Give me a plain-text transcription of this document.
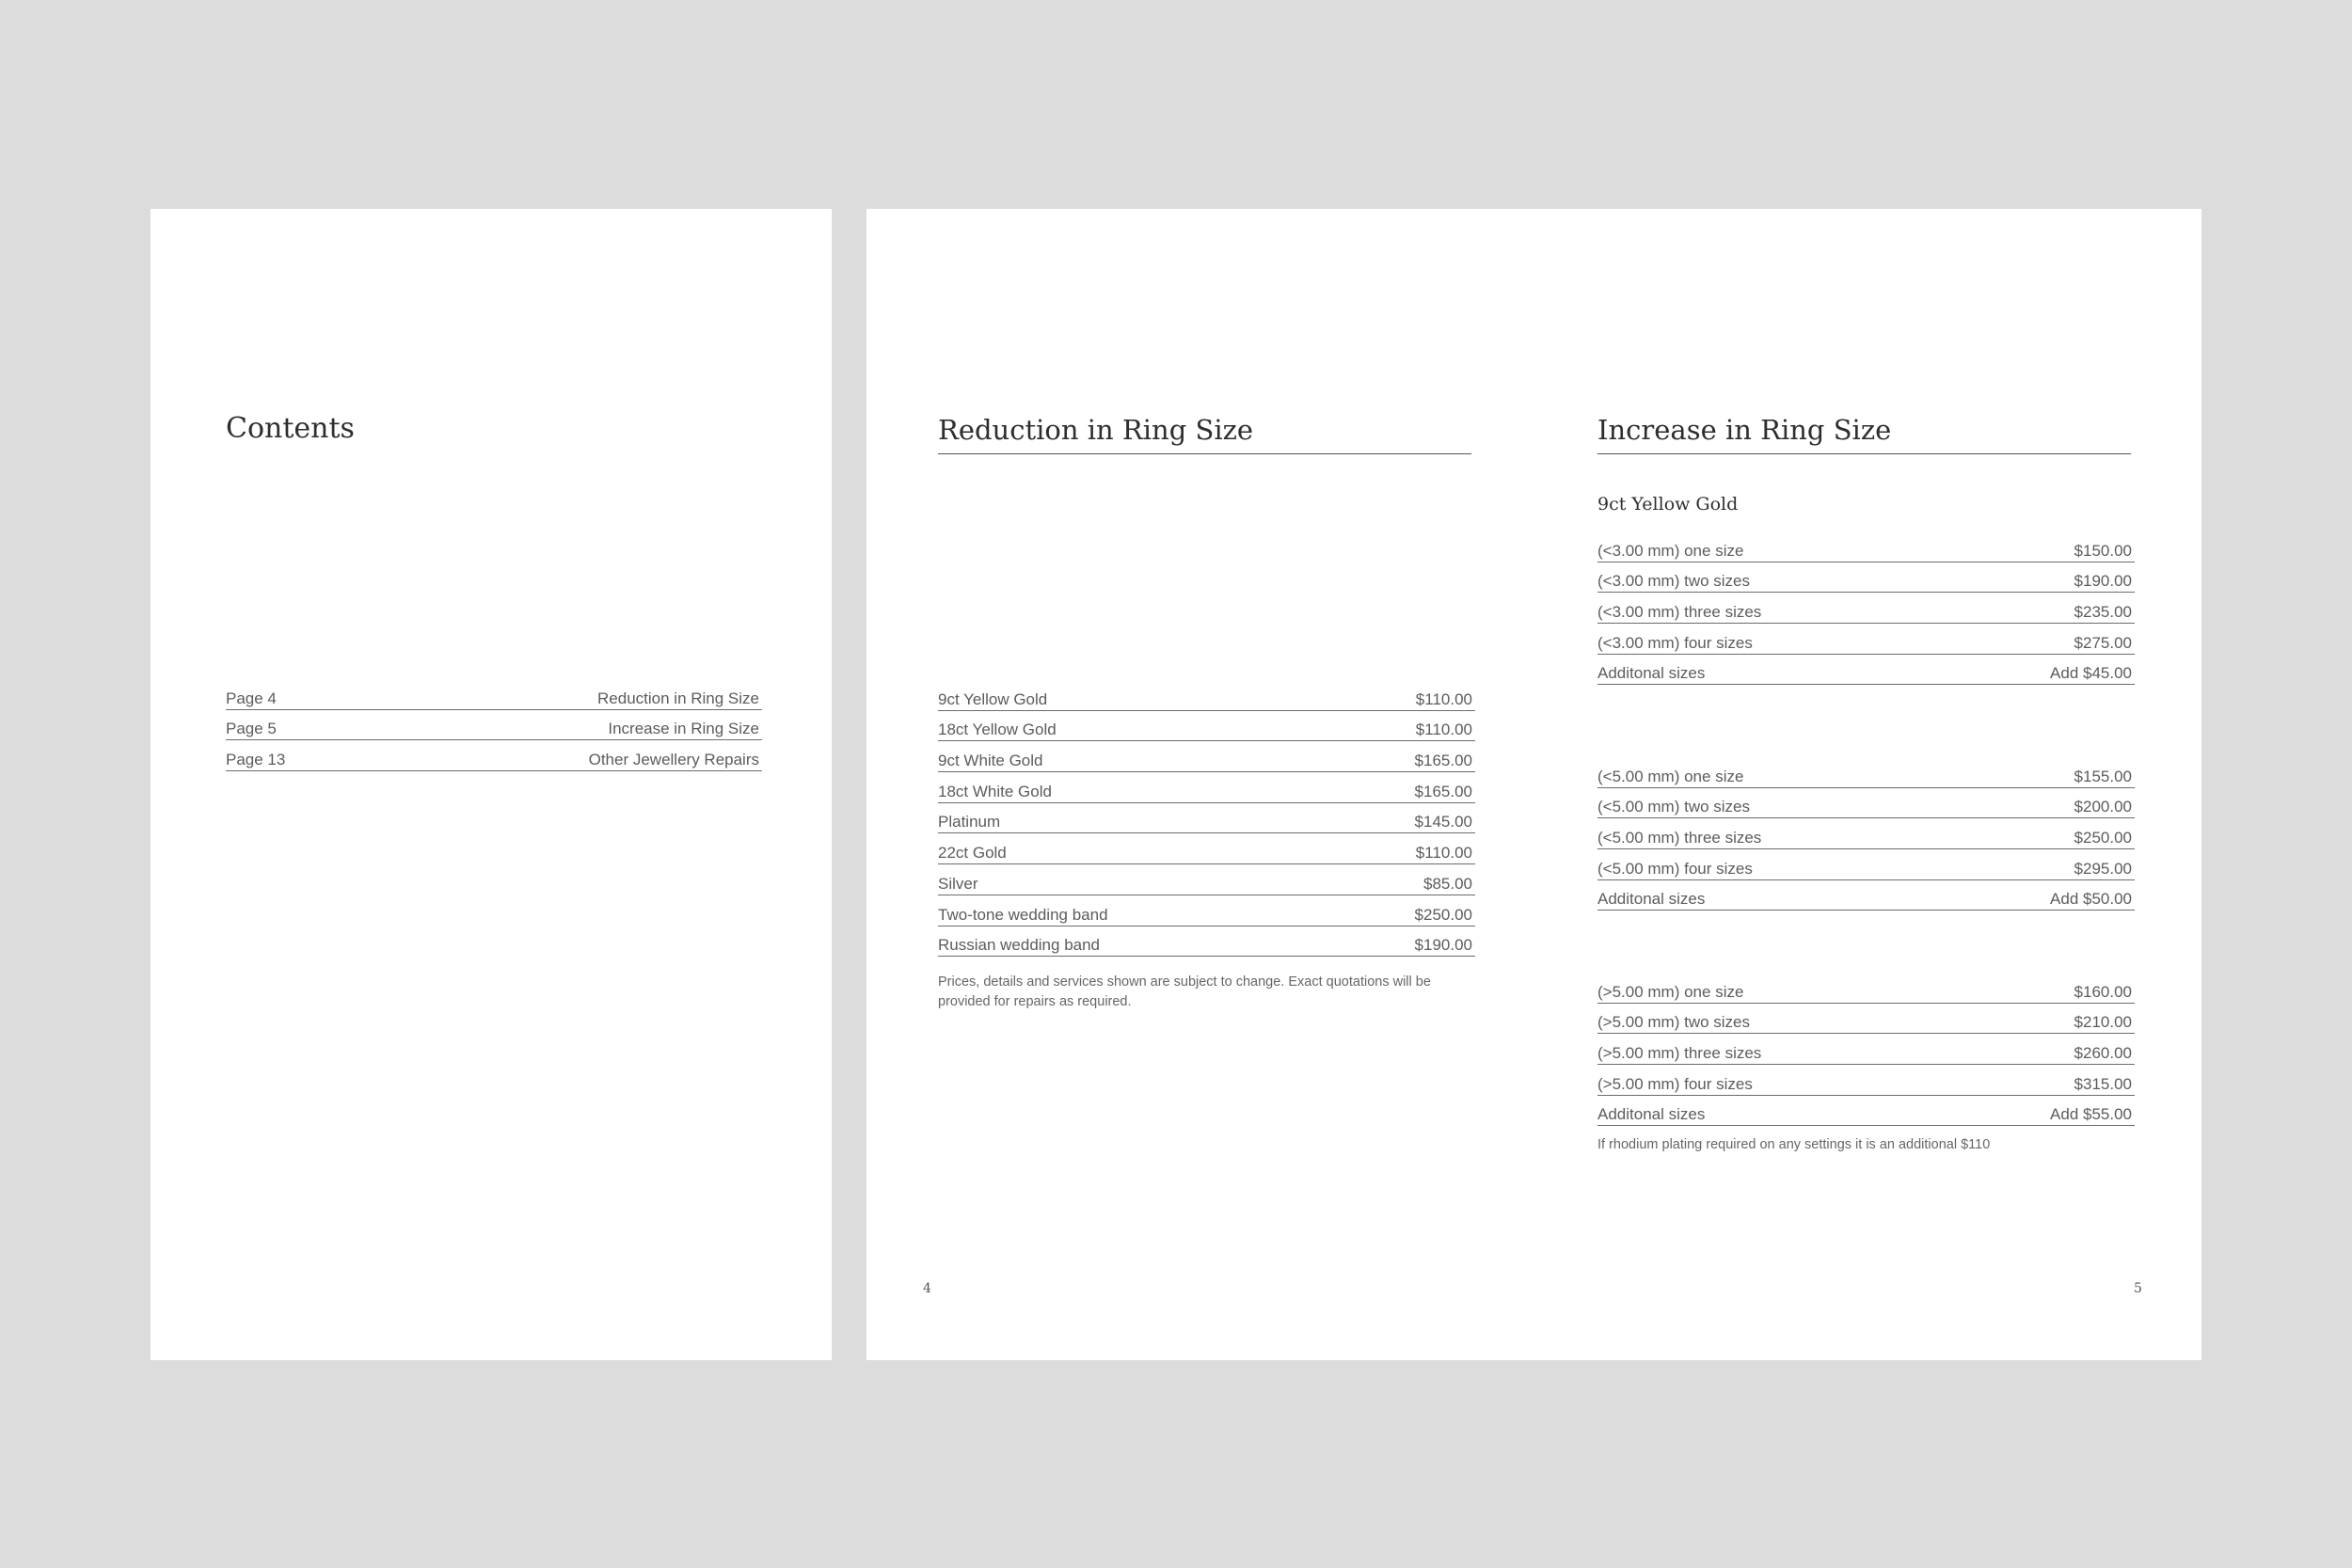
Contents
Page 4	Reduction in Ring Size
Page 5	Increase in Ring Size
Page 13	Other Jewellery Repairs
Reduction in Ring Size
9ct Yellow Gold	$110.00
18ct Yellow Gold	$110.00
9ct White Gold	$165.00
18ct White Gold	$165.00
Platinum	$145.00
22ct Gold	$110.00
Silver	$85.00
Two-tone wedding band	$250.00
Russian wedding band	$190.00

Prices, details and services shown are subject to change. Exact quotations will be provided for repairs as required.

4
Increase in Ring Size
9ct Yellow Gold
(<3.00 mm) one size	$150.00
(<3.00 mm) two sizes	$190.00
(<3.00 mm) three sizes	$235.00
(<3.00 mm) four sizes	$275.00
Additonal sizes	Add $45.00
(<5.00 mm) one size	$155.00
(<5.00 mm) two sizes	$200.00
(<5.00 mm) three sizes	$250.00
(<5.00 mm) four sizes	$295.00
Additonal sizes	Add $50.00
(>5.00 mm) one size	$160.00
(>5.00 mm) two sizes	$210.00
(>5.00 mm) three sizes	$260.00
(>5.00 mm) four sizes	$315.00
Additonal sizes	Add $55.00

If rhodium plating required on any settings it is an additional $110

5
